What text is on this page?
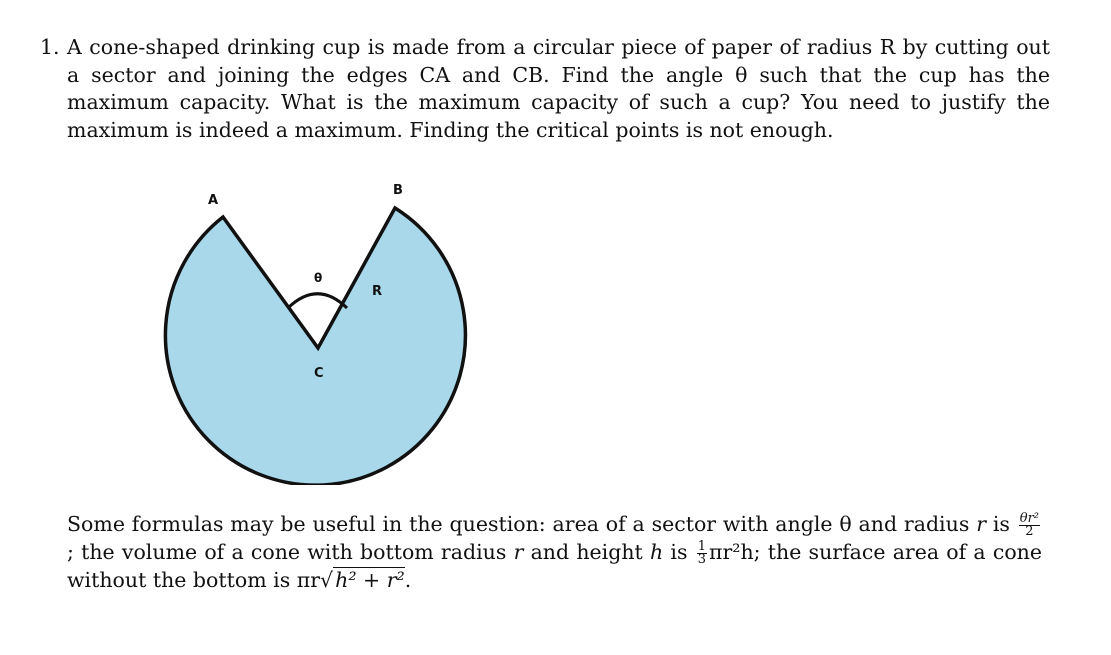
1. A cone-shaped drinking cup is made from a circular piece of paper of radius R by cutting out a sector and joining the edges CA and CB. Find the angle θ such that the cup has the maximum capacity. What is the maximum capacity of such a cup? You need to justify the maximum is indeed a maximum. Finding the critical points is not enough.
A
B
θ
R
C
Some formulas may be useful in the question: area of a sector with angle θ and radius r is $\frac{\text{θr²}}{2}$
; the volume of a cone with bottom radius r and height h is $\frac{1}{3} \pi r^2h$; the surface area of a cone without the bottom is πr√h² + r².
